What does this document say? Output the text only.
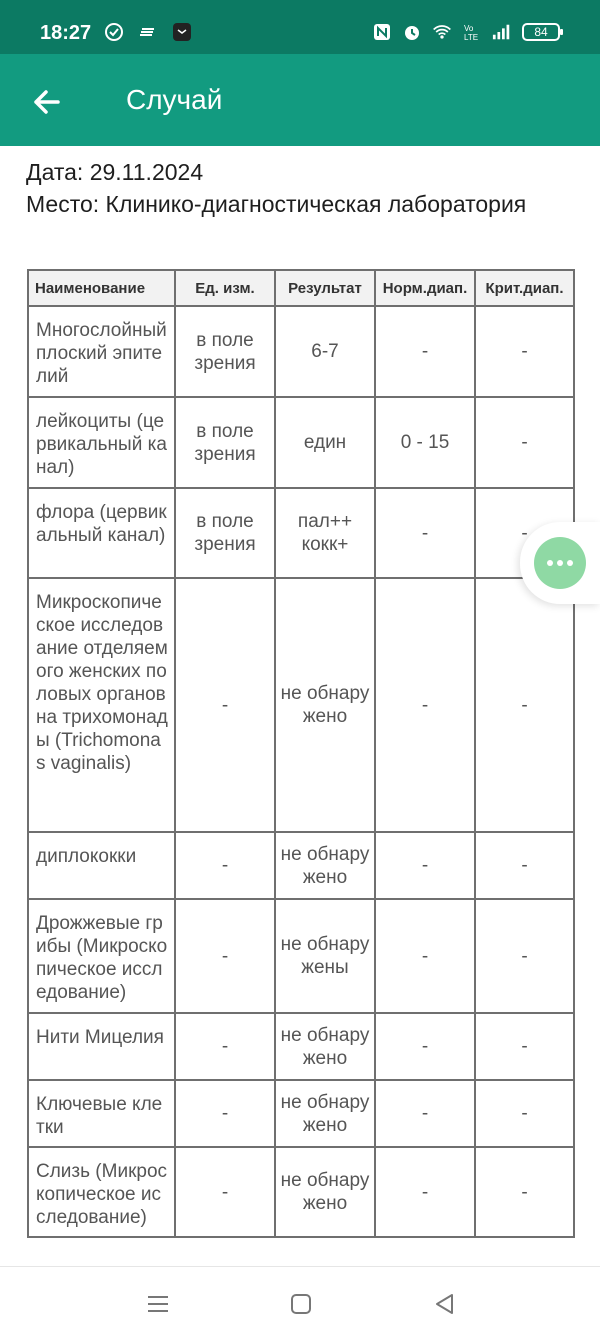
18:27	Vo
LTE	84
Случай
Дата: 29.11.2024
Место: Клинико-диагностическая лаборатория
Наименование	Ед. изм.	Результат	Норм.диап.	Крит.диап.
Многослойный плоский эпителий	в поле зрения	6-7	-	-
лейкоциты (цервикальный канал)	в поле зрения	един	0 - 15	-
флора (цервикальный канал)	в поле зрения	пал++кокк+	-	-
Микроскопическое исследование отделяемого женских половых органов на трихомонады (Trichomonas vaginalis)	-	не обнаружено	-	-
диплококки	-	не обнаружено	-	-
Дрожжевые грибы (Микроскопическое исследование)	-	не обнаружены	-	-
Нити Мицелия	-	не обнаружено	-	-
Ключевые клетки	-	не обнаружено	-	-
Слизь (Микроскопическое исследование)	-	не обнаружено	-	-
